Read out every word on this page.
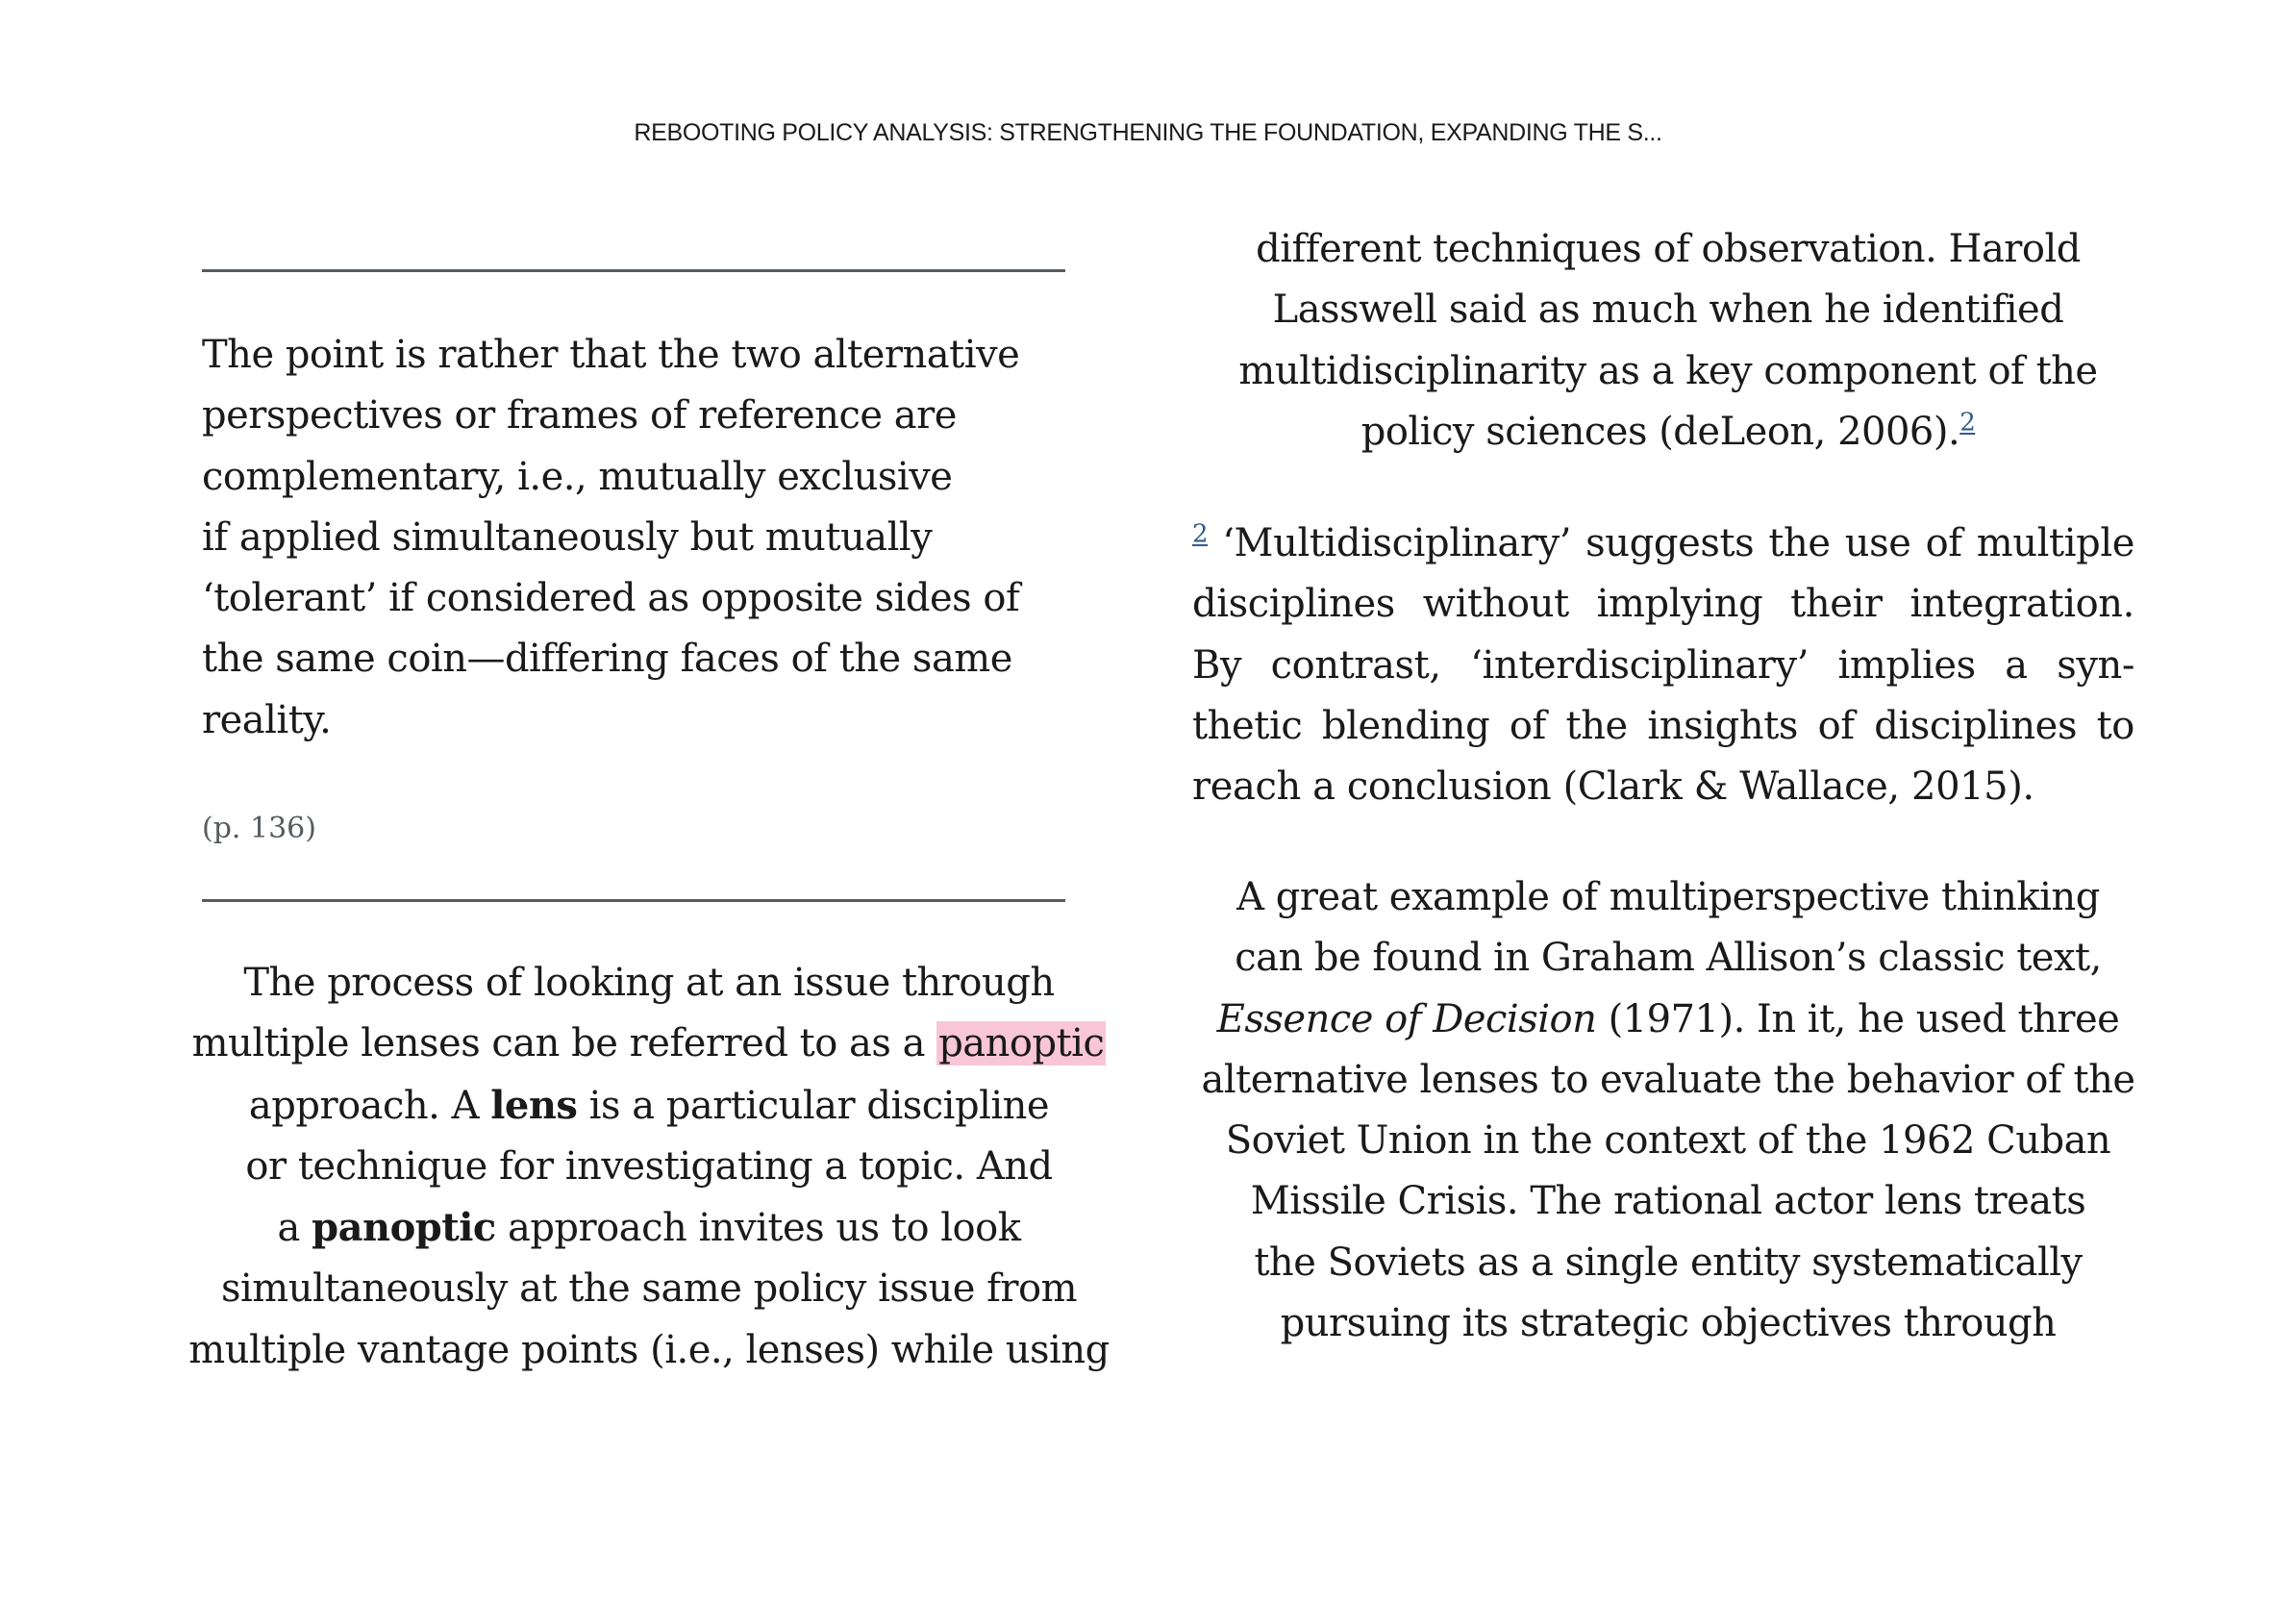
REBOOTING POLICY ANALYSIS: STRENGTHENING THE FOUNDATION, EXPANDING THE S...
The point is rather that the two alternative
perspectives or frames of reference are
complementary, i.e., mutually exclusive
if applied simultaneously but mutually
‘tolerant’ if considered as opposite sides of
the same coin—differing faces of the same
reality.
(p. 136)
The process of looking at an issue through
multiple lenses can be referred to as a panoptic
approach. A lens is a particular discipline
or technique for investigating a topic. And
a panoptic approach invites us to look
simultaneously at the same policy issue from
multiple vantage points (i.e., lenses) while using
different techniques of observation. Harold Lasswell said as much when he identified multidisciplinarity as a key component of the policy sciences (deLeon, 2006).$^2$
$^2$ ‘Multidisciplinary’ suggests the use of multiple
disciplines without implying their integration.
By contrast, ‘interdisciplinary’ implies a syn-
thetic blending of the insights of disciplines to
reach a conclusion (Clark & Wallace, 2015).
A great example of multiperspective thinking
can be found in Graham Allison’s classic text,
Essence of Decision (1971). In it, he used three
alternative lenses to evaluate the behavior of the
Soviet Union in the context of the 1962 Cuban
Missile Crisis. The rational actor lens treats
the Soviets as a single entity systematically
pursuing its strategic objectives through
